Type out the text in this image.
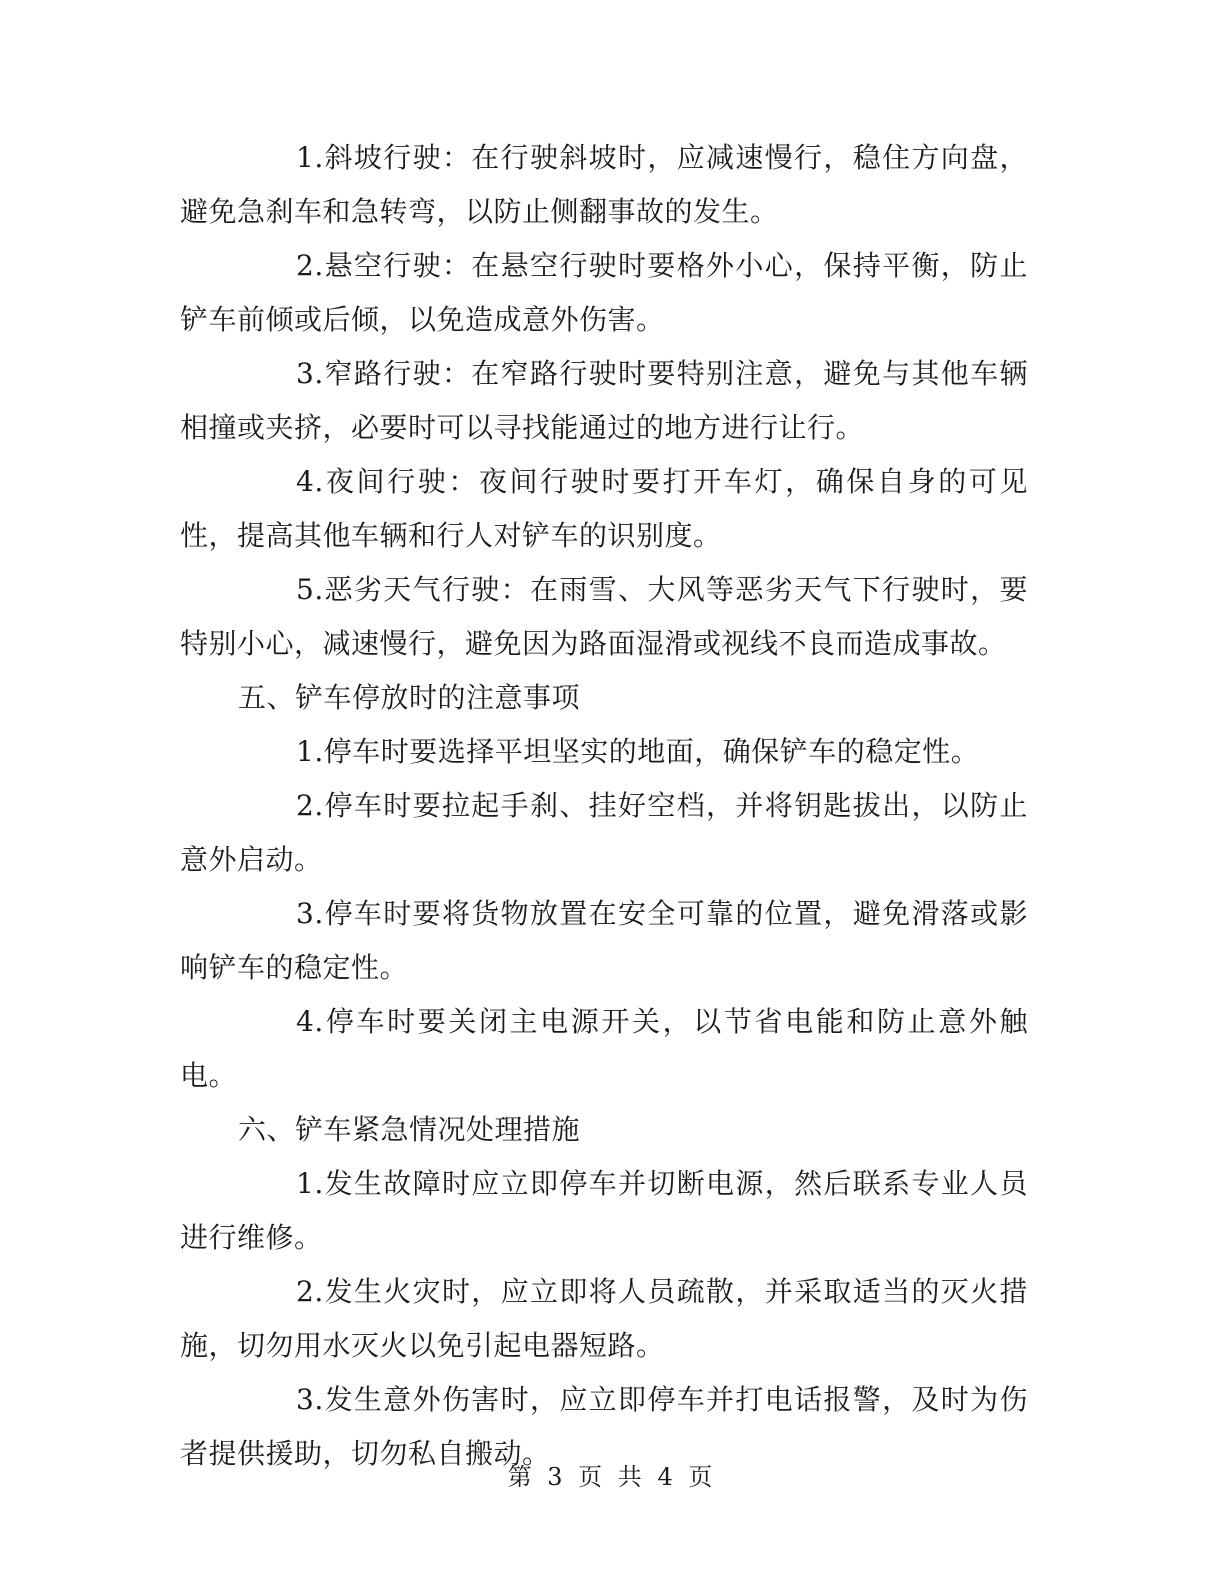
1.斜坡行驶：在行驶斜坡时，应减速慢行，稳住方向盘，避免急刹车和急转弯，以防止侧翻事故的发生。

2.悬空行驶：在悬空行驶时要格外小心，保持平衡，防止铲车前倾或后倾，以免造成意外伤害。

3.窄路行驶：在窄路行驶时要特别注意，避免与其他车辆相撞或夹挤，必要时可以寻找能通过的地方进行让行。

4.夜间行驶：夜间行驶时要打开车灯，确保自身的可见性，提高其他车辆和行人对铲车的识别度。

5.恶劣天气行驶：在雨雪、大风等恶劣天气下行驶时，要特别小心，减速慢行，避免因为路面湿滑或视线不良而造成事故。

五、铲车停放时的注意事项

1.停车时要选择平坦坚实的地面，确保铲车的稳定性。

2.停车时要拉起手刹、挂好空档，并将钥匙拔出，以防止意外启动。

3.停车时要将货物放置在安全可靠的位置，避免滑落或影响铲车的稳定性。

4.停车时要关闭主电源开关，以节省电能和防止意外触电。

六、铲车紧急情况处理措施

1.发生故障时应立即停车并切断电源，然后联系专业人员进行维修。

2.发生火灾时，应立即将人员疏散，并采取适当的灭火措施，切勿用水灭火以免引起电器短路。

3.发生意外伤害时，应立即停车并打电话报警，及时为伤者提供援助，切勿私自搬动。

第 3 页 共 4 页
